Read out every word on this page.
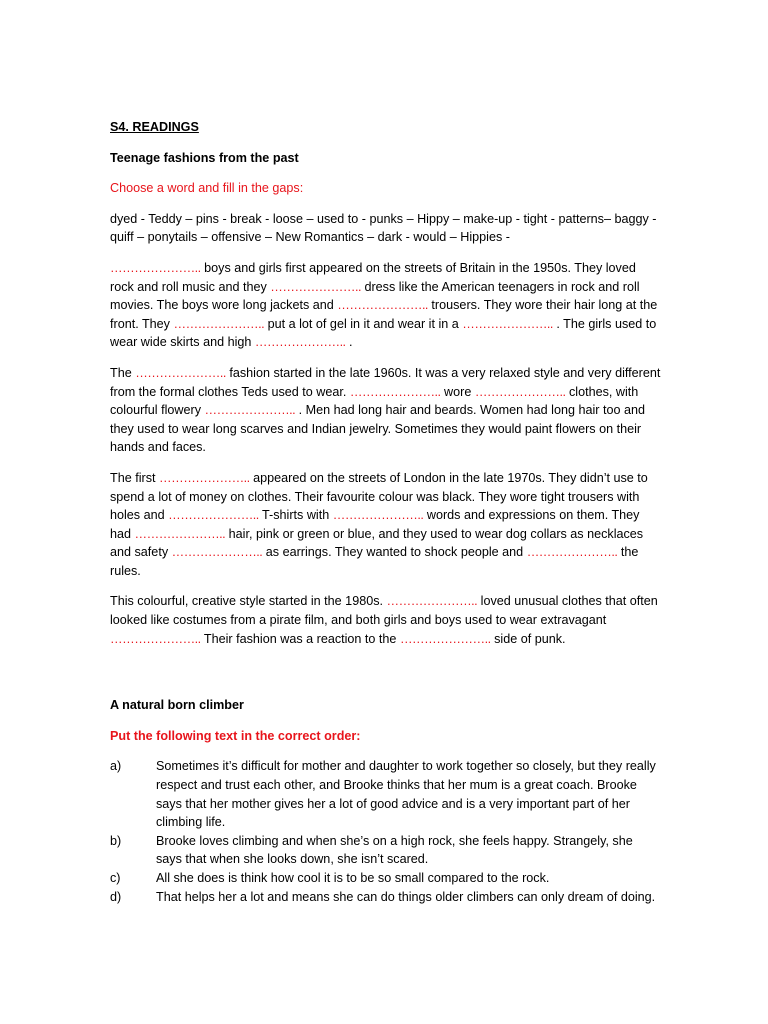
S4. READINGS

Teenage fashions from the past

Choose a word and fill in the gaps:

dyed - Teddy – pins - break - loose – used to - punks – Hippy – make-up - tight - patterns– baggy - quiff – ponytails – offensive – New Romantics – dark - would – Hippies -

………………….. boys and girls first appeared on the streets of Britain in the 1950s. They loved rock and roll music and they ………………….. dress like the American teenagers in rock and roll movies. The boys wore long jackets and ………………….. trousers. They wore their hair long at the front. They ………………….. put a lot of gel in it and wear it in a ………………….. . The girls used to wear wide skirts and high ………………….. .

The ………………….. fashion started in the late 1960s. It was a very relaxed style and very different from the formal clothes Teds used to wear. ………………….. wore ………………….. clothes, with colourful flowery ………………….. . Men had long hair and beards. Women had long hair too and they used to wear long scarves and Indian jewelry. Sometimes they would paint flowers on their hands and faces.

The first ………………….. appeared on the streets of London in the late 1970s. They didn’t use to spend a lot of money on clothes. Their favourite colour was black. They wore tight trousers with holes and ………………….. T-shirts with ………………….. words and expressions on them. They had ………………….. hair, pink or green or blue, and they used to wear dog collars as necklaces and safety ………………….. as earrings. They wanted to shock people and ………………….. the rules.

This colourful, creative style started in the 1980s. ………………….. loved unusual clothes that often looked like costumes from a pirate film, and both girls and boys used to wear extravagant ………………….. Their fashion was a reaction to the ………………….. side of punk.

A natural born climber

Put the following text in the correct order:

a)	Sometimes it’s difficult for mother and daughter to work together so closely, but they really respect and trust each other, and Brooke thinks that her mum is a great coach. Brooke says that her mother gives her a lot of good advice and is a very important part of her climbing life.
b)	Brooke loves climbing and when she’s on a high rock, she feels happy. Strangely, she says that when she looks down, she isn’t scared.
c)	All she does is think how cool it is to be so small compared to the rock.
d)	That helps her a lot and means she can do things older climbers can only dream of doing.
